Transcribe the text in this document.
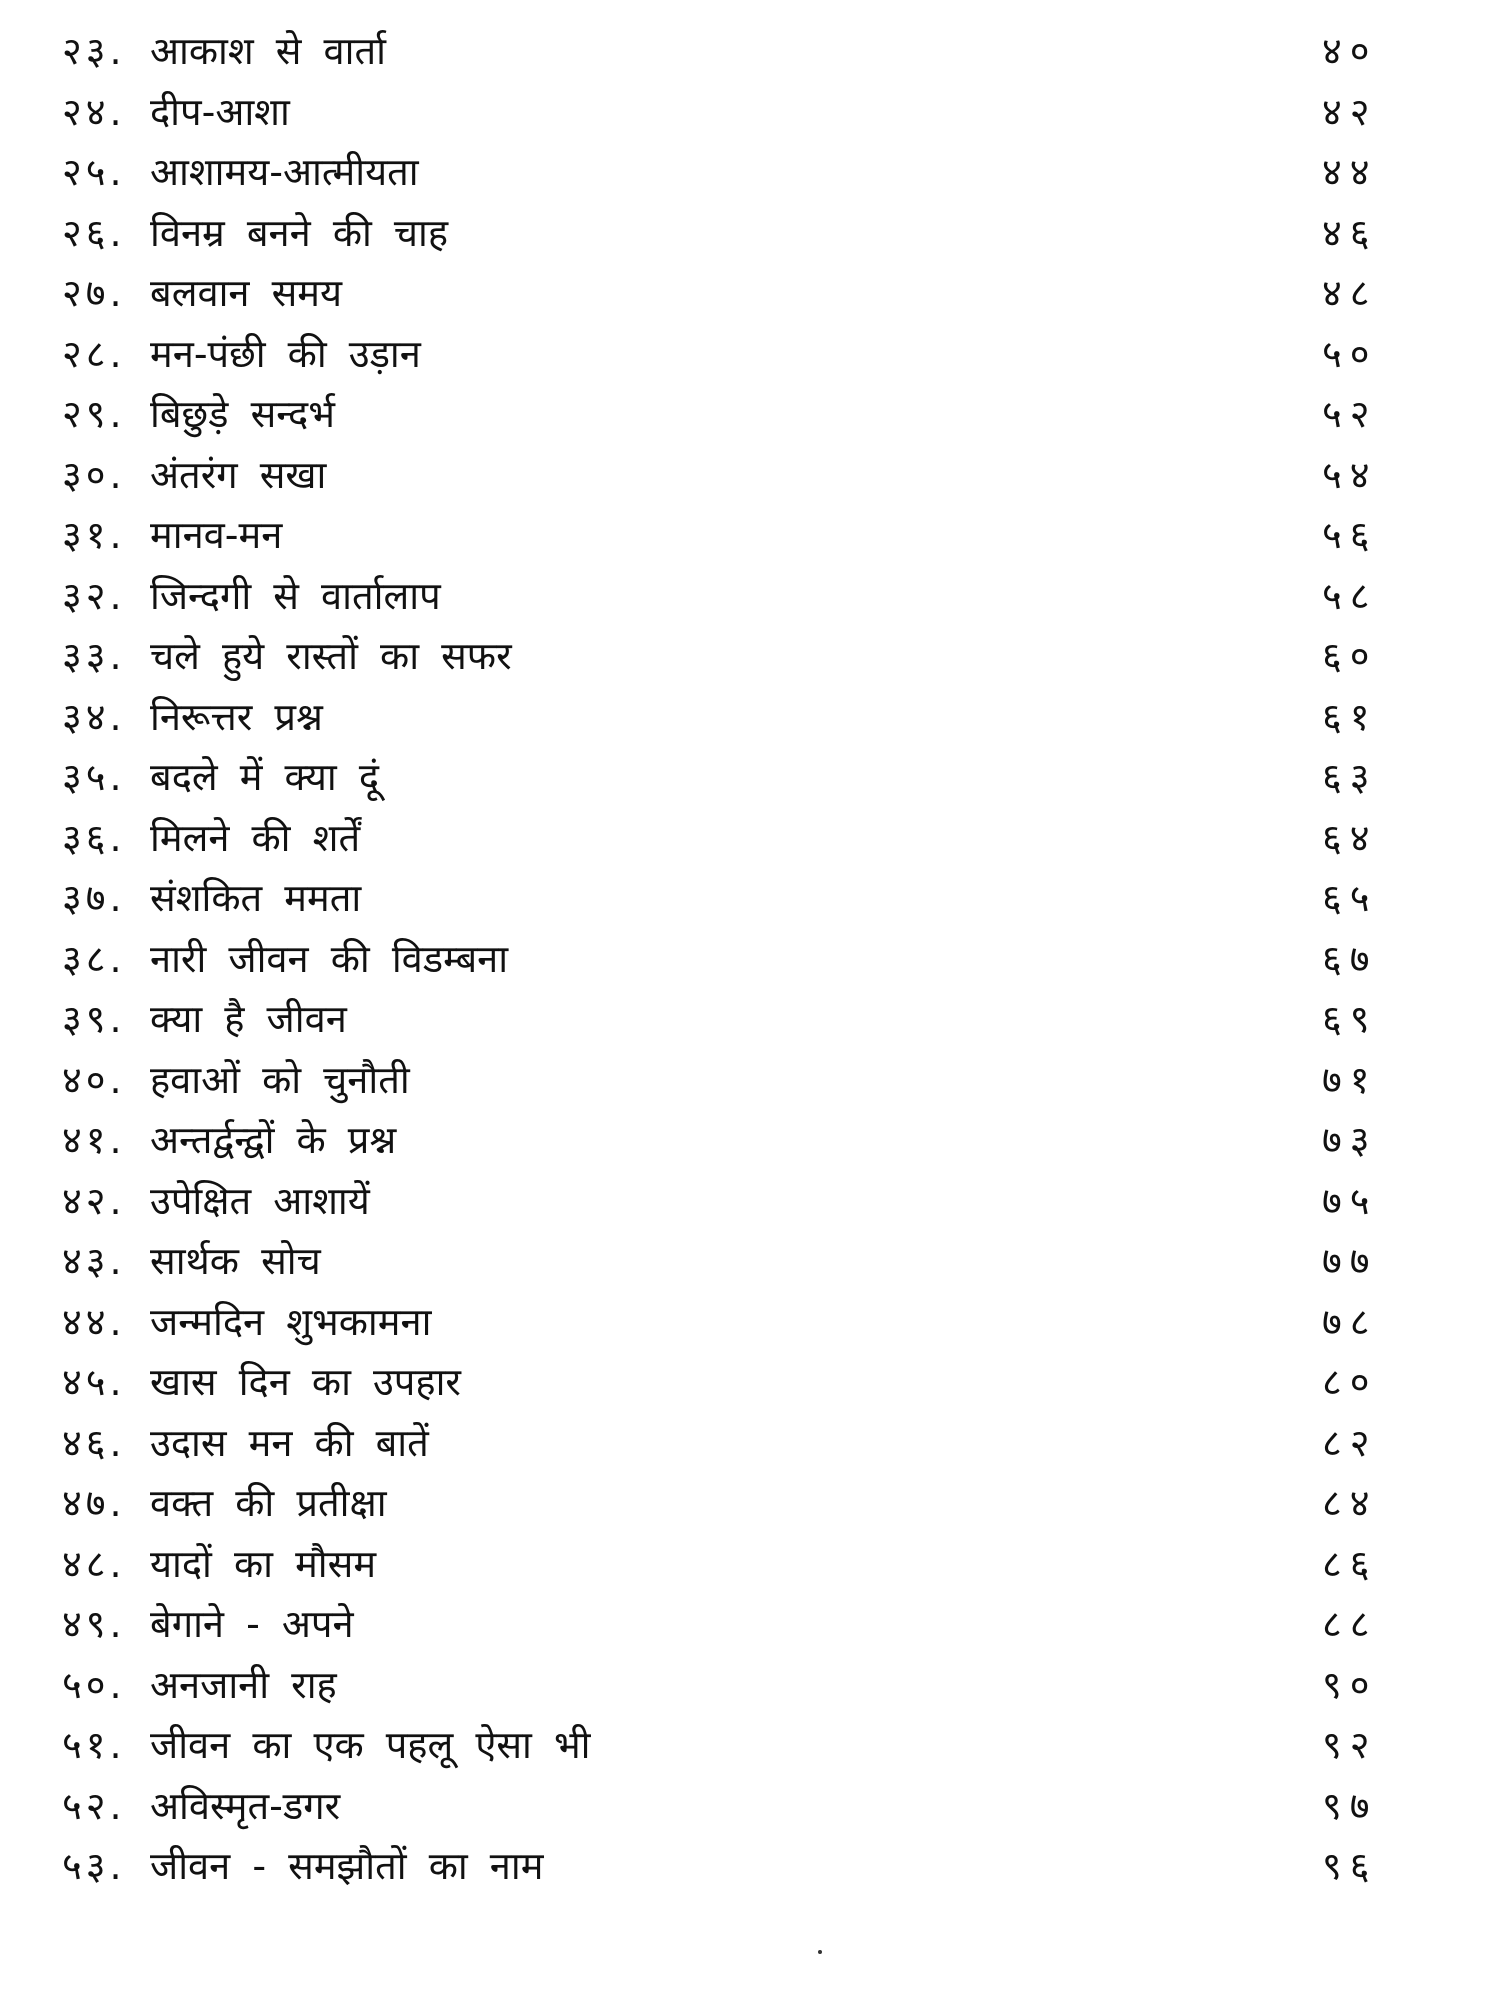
२३. आकाश से वार्ता	४०
२४. दीप-आशा	४२
२५. आशामय-आत्मीयता	४४
२६. विनम्र बनने की चाह	४६
२७. बलवान समय	४८
२८. मन-पंछी की उड़ान	५०
२९. बिछुड़े सन्दर्भ	५२
३०. अंतरंग सखा	५४
३१. मानव-मन	५६
३२. जिन्दगी से वार्तालाप	५८
३३. चले हुये रास्तों का सफर	६०
३४. निरूत्तर प्रश्न	६१
३५. बदले में क्या दूं	६३
३६. मिलने की शर्तें	६४
३७. संशकित ममता	६५
३८. नारी जीवन की विडम्बना	६७
३९. क्या है जीवन	६९
४०. हवाओं को चुनौती	७१
४१. अन्तर्द्वन्द्वों के प्रश्न	७३
४२. उपेक्षित आशायें	७५
४३. सार्थक सोच	७७
४४. जन्मदिन शुभकामना	७८
४५. खास दिन का उपहार	८०
४६. उदास मन की बातें	८२
४७. वक्त की प्रतीक्षा	८४
४८. यादों का मौसम	८६
४९. बेगाने - अपने	८८
५०. अनजानी राह	९०
५१. जीवन का एक पहलू ऐसा भी	९२
५२. अविस्मृत-डगर	९७
५३. जीवन - समझौतों का नाम	९६
